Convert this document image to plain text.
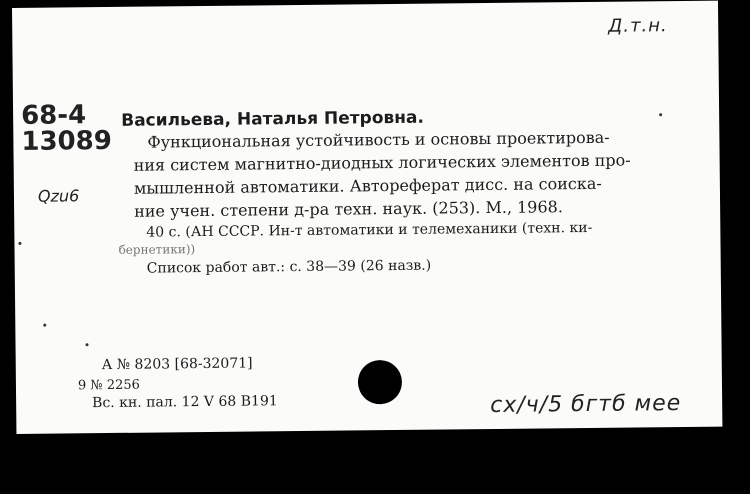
Д.т.н.
68-4
13089
Qzu6
Васильева, Наталья Петровна.
Функциональная устойчивость и основы проектирова-
ния систем магнитно-диодных логических элементов про-
мышленной автоматики. Автореферат дисс. на соиска-
ние учен. степени д-ра техн. наук. (253). М., 1968.
40 с. (АН СССР. Ин-т автоматики и телемеханики (техн. ки-
бернетики))
Список работ авт.: с. 38—39 (26 назв.)
А № 8203 [68-32071]
9 № 2256
Вс. кн. пал. 12 V 68 В191	сх/ч/5 бгтб мее
